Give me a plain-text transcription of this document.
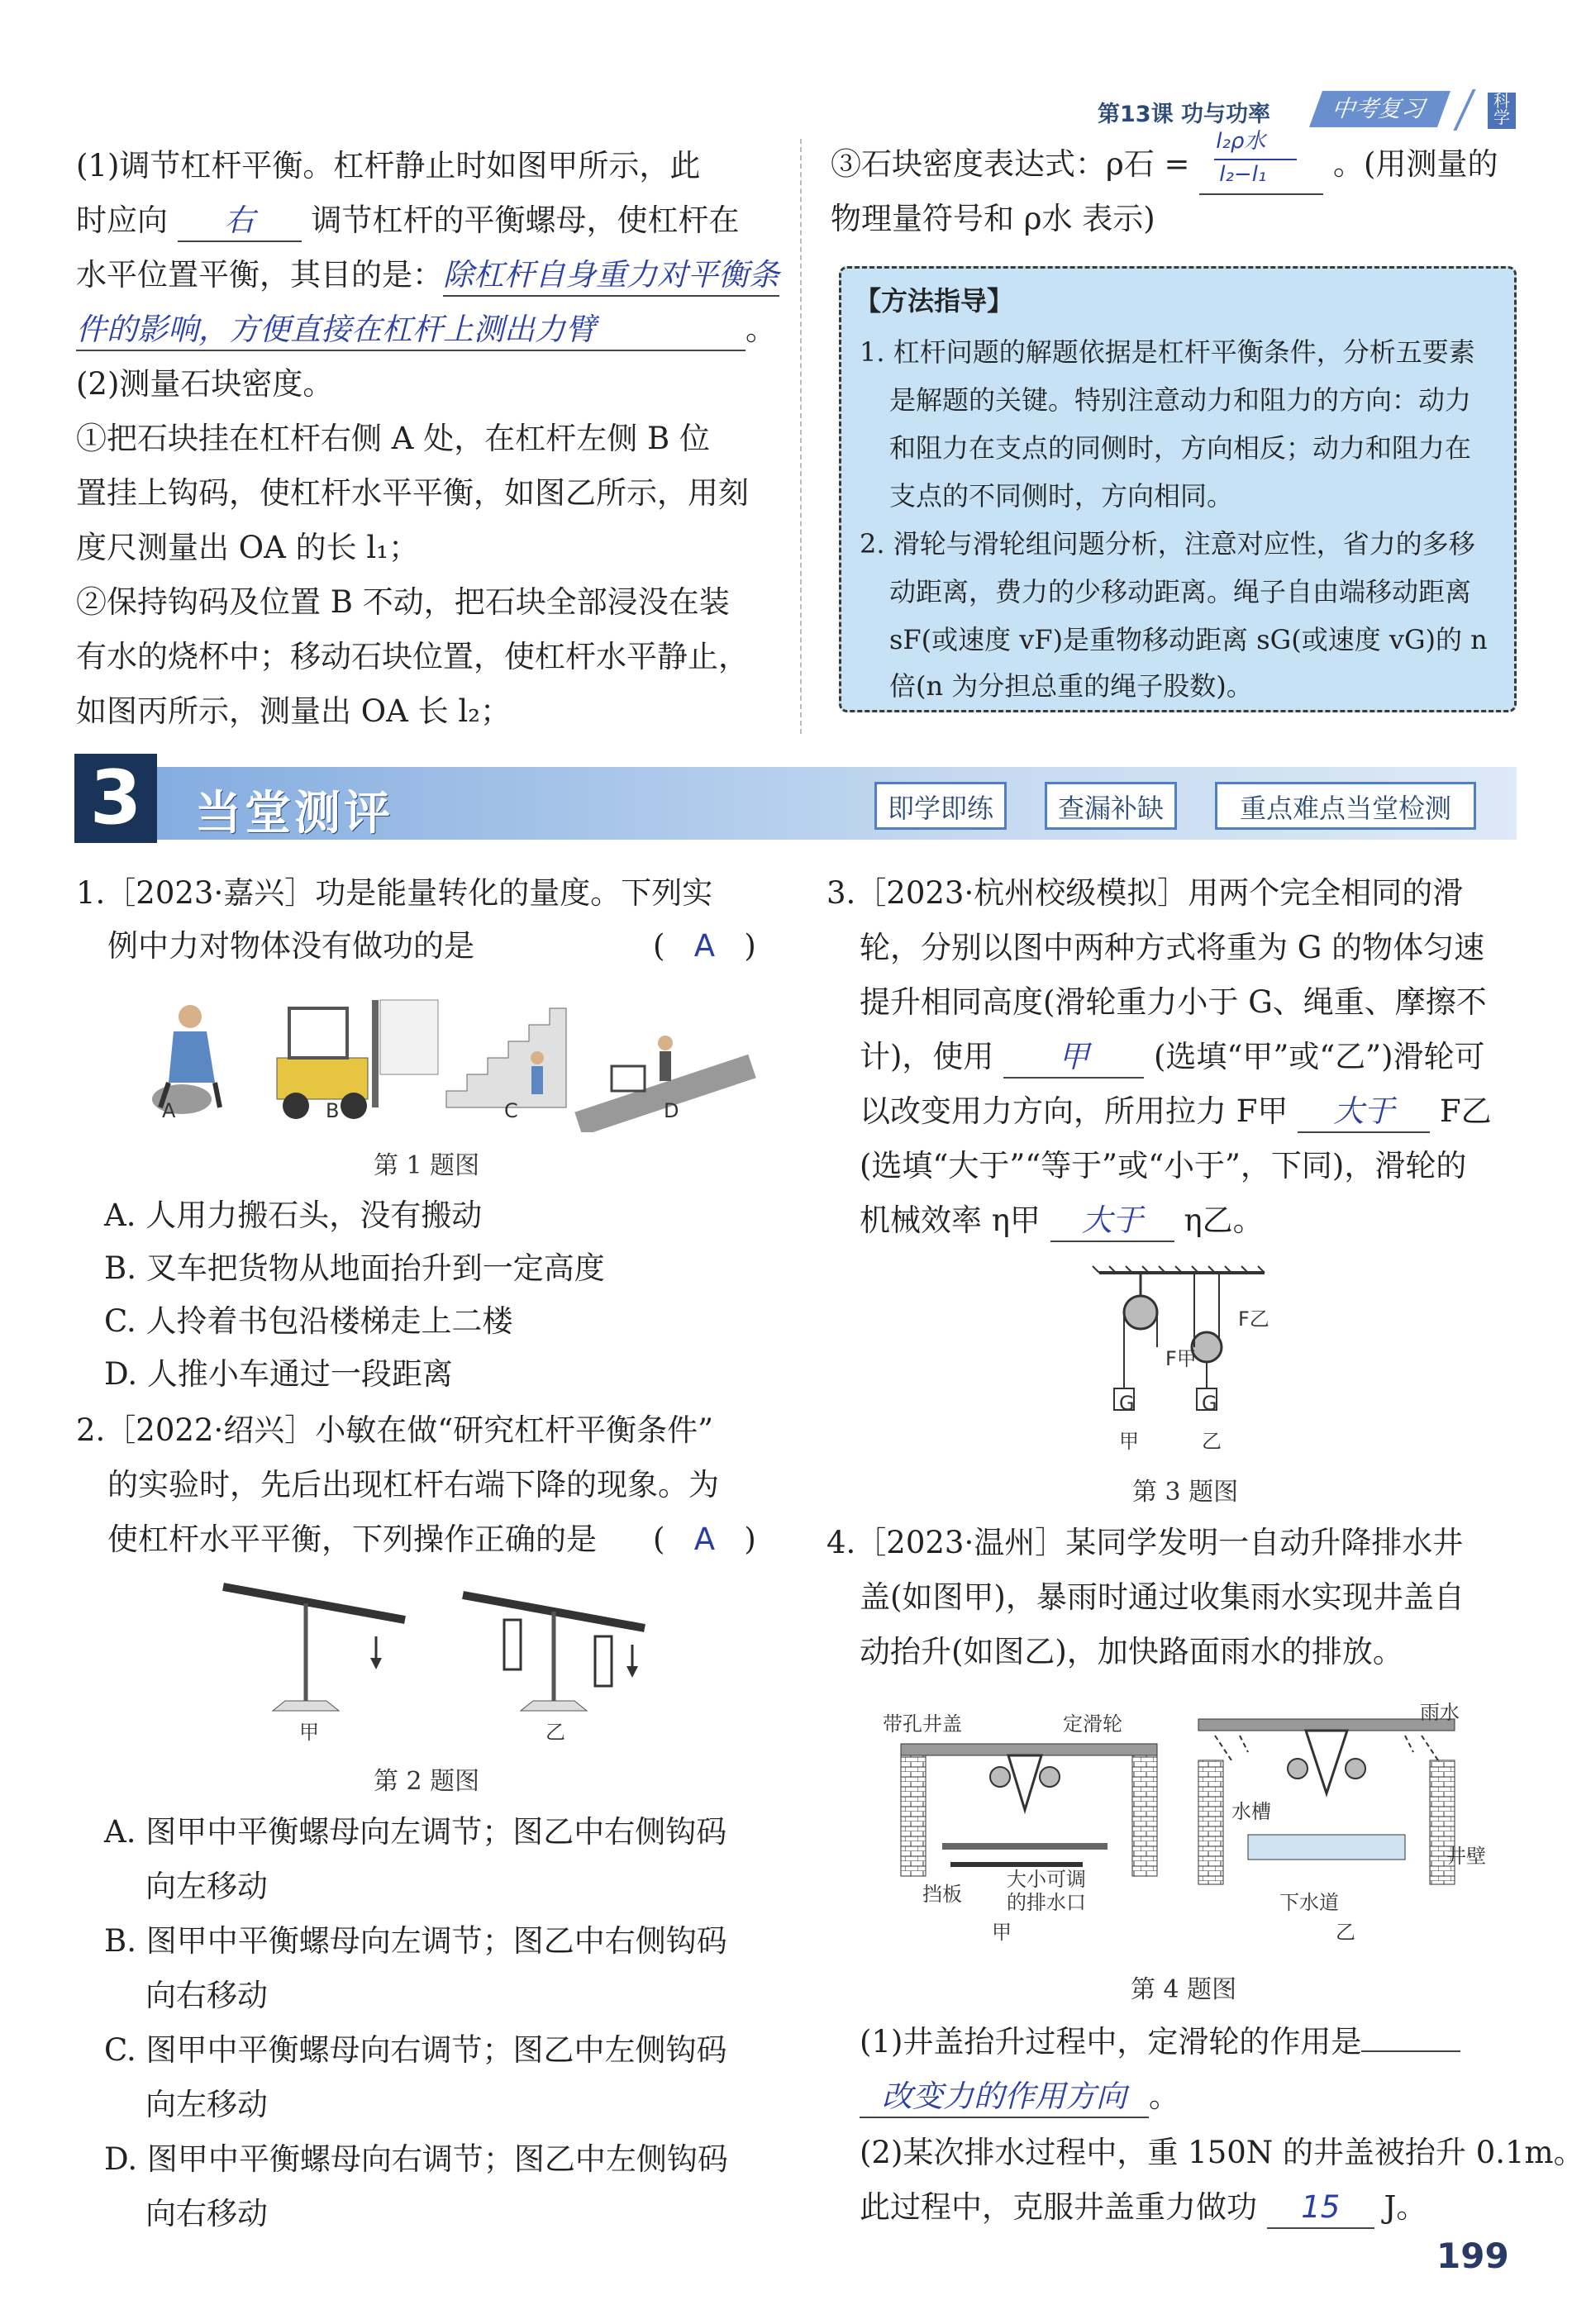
第13课 功与功率	中考复习	科学
(1)调节杠杆平衡。杠杆静止时如图甲所示，此
时应向 右 调节杠杆的平衡螺母，使杠杆在
水平位置平衡，其目的是：除杠杆自身重力对平衡条
件的影响，方便直接在杠杆上测出力臂	。
(2)测量石块密度。
①把石块挂在杠杆右侧 A 处，在杠杆左侧 B 位
置挂上钩码，使杠杆水平平衡，如图乙所示，用刻
度尺测量出 OA 的长 l₁；
②保持钩码及位置 B 不动，把石块全部浸没在装
有水的烧杯中；移动石块位置，使杠杆水平静止，
如图丙所示，测量出 OA 长 l₂；
③石块密度表达式：ρ石 =
l₂ρ水
l₂−l₁ 。(用测量的
物理量符号和 ρ水 表示)
【方法指导】
1. 杠杆问题的解题依据是杠杆平衡条件，分析五要素
是解题的关键。特别注意动力和阻力的方向：动力
和阻力在支点的同侧时，方向相反；动力和阻力在
支点的不同侧时，方向相同。
2. 滑轮与滑轮组问题分析，注意对应性，省力的多移
动距离，费力的少移动距离。绳子自由端移动距离
sF(或速度 vF)是重物移动距离 sG(或速度 vG)的 n
倍(n 为分担总重的绳子股数)。
3	当堂测评	即学即练	查漏补缺	重点难点当堂检测
1.［2023·嘉兴］功是能量转化的量度。下列实
例中力对物体没有做功的是	(   A   )
A	B	C	D
第 1 题图
A. 人用力搬石头，没有搬动
B. 叉车把货物从地面抬升到一定高度
C. 人拎着书包沿楼梯走上二楼
D. 人推小车通过一段距离
2.［2022·绍兴］小敏在做“研究杠杆平衡条件”
的实验时，先后出现杠杆右端下降的现象。为
使杠杆水平平衡，下列操作正确的是 (   A   )
甲	乙
第 2 题图
A. 图甲中平衡螺母向左调节；图乙中右侧钩码
向左移动
B. 图甲中平衡螺母向左调节；图乙中右侧钩码
向右移动
C. 图甲中平衡螺母向右调节；图乙中左侧钩码
向左移动
D. 图甲中平衡螺母向右调节；图乙中左侧钩码
向右移动
3.［2023·杭州校级模拟］用两个完全相同的滑
轮，分别以图中两种方式将重为 G 的物体匀速
提升相同高度(滑轮重力小于 G、绳重、摩擦不
计)，使用 甲 (选填“甲”或“乙”)滑轮可
以改变用力方向，所用拉力 F甲 大于 F乙
(选填“大于”“等于”或“小于”，下同)，滑轮的
机械效率 η甲 大于 η乙。
F乙
F甲
G	G
甲	乙
第 3 题图
4.［2023·温州］某同学发明一自动升降排水井
盖(如图甲)，暴雨时通过收集雨水实现井盖自
动抬升(如图乙)，加快路面雨水的排放。
带孔井盖	定滑轮	雨水
水槽
井壁
挡板
大小可调
的排水口	下水道
甲	乙
第 4 题图
(1)井盖抬升过程中，定滑轮的作用是
改变力的作用方向 。
(2)某次排水过程中，重 150N 的井盖被抬升 0.1m。
此过程中，克服井盖重力做功 15 J。
199
